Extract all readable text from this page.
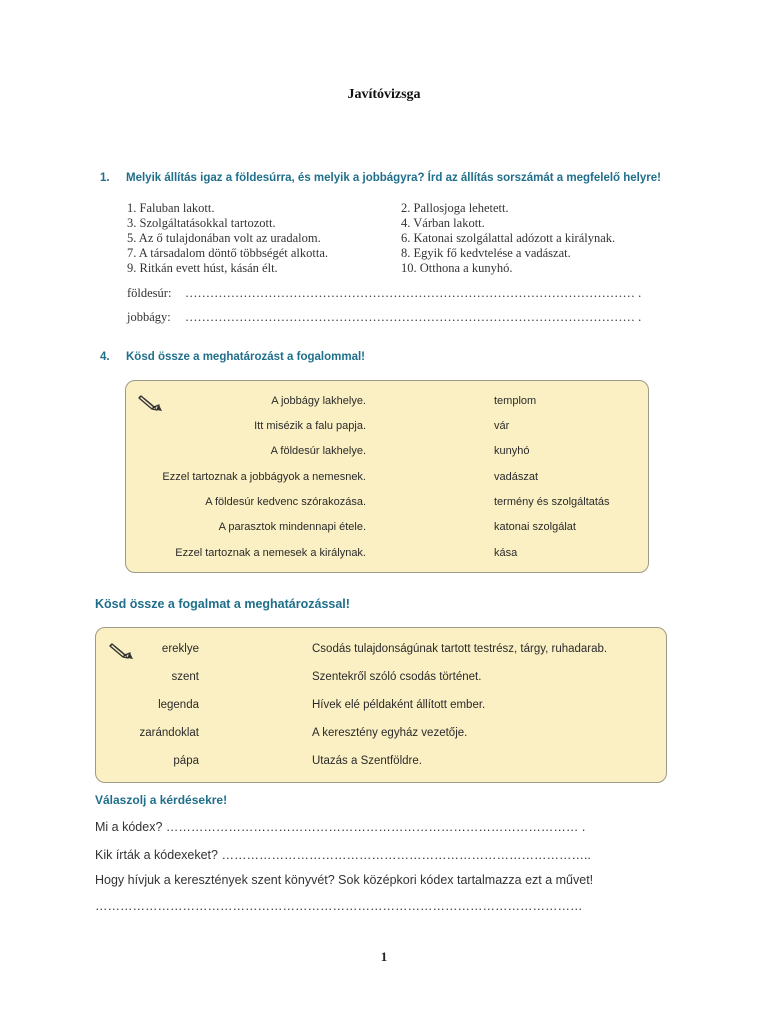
Javítóvizsga
1. Melyik állítás igaz a földesúrra, és melyik a jobbágyra? Írd az állítás sorszámát a megfelelő helyre!
1. Faluban lakott.
3. Szolgáltatásokkal tartozott.
5. Az ő tulajdonában volt az uradalom.
7. A társadalom döntő többségét alkotta.
9. Ritkán evett húst, kásán élt.
2. Pallosjoga lehetett.
4. Várban lakott.
6. Katonai szolgálattal adózott a királynak.
8. Egyik fő kedvtelése a vadászat.
10. Otthona a kunyhó.
földesúr: ……………………………………………………………………………………………… .
jobbágy: ……………………………………………………………………………………………… .
4. Kösd össze a meghatározást a fogalommal!
A jobbágy lakhelye.
Itt misézik a falu papja.
A földesúr lakhelye.
Ezzel tartoznak a jobbágyok a nemesnek.
A földesúr kedvenc szórakozása.
A parasztok mindennapi étele.
Ezzel tartoznak a nemesek a királynak.
templom
vár
kunyhó
vadászat
termény és szolgáltatás
katonai szolgálat
kása
Kösd össze a fogalmat a meghatározással!
ereklye
szent
legenda
zarándoklat
pápa
Csodás tulajdonságúnak tartott testrész, tárgy, ruhadarab.
Szentekről szóló csodás történet.
Hívek elé példaként állított ember.
A keresztény egyház vezetője.
Utazás a Szentföldre.
Válaszolj a kérdésekre!
Mi a kódex? ……………………………………………………………………………………… .
Kik írták a kódexeket? ……………………………………………………………………………..
Hogy hívjuk a keresztények szent könyvét? Sok középkori kódex tartalmazza ezt a művet!
………………………………………………………………………………………………………
1
